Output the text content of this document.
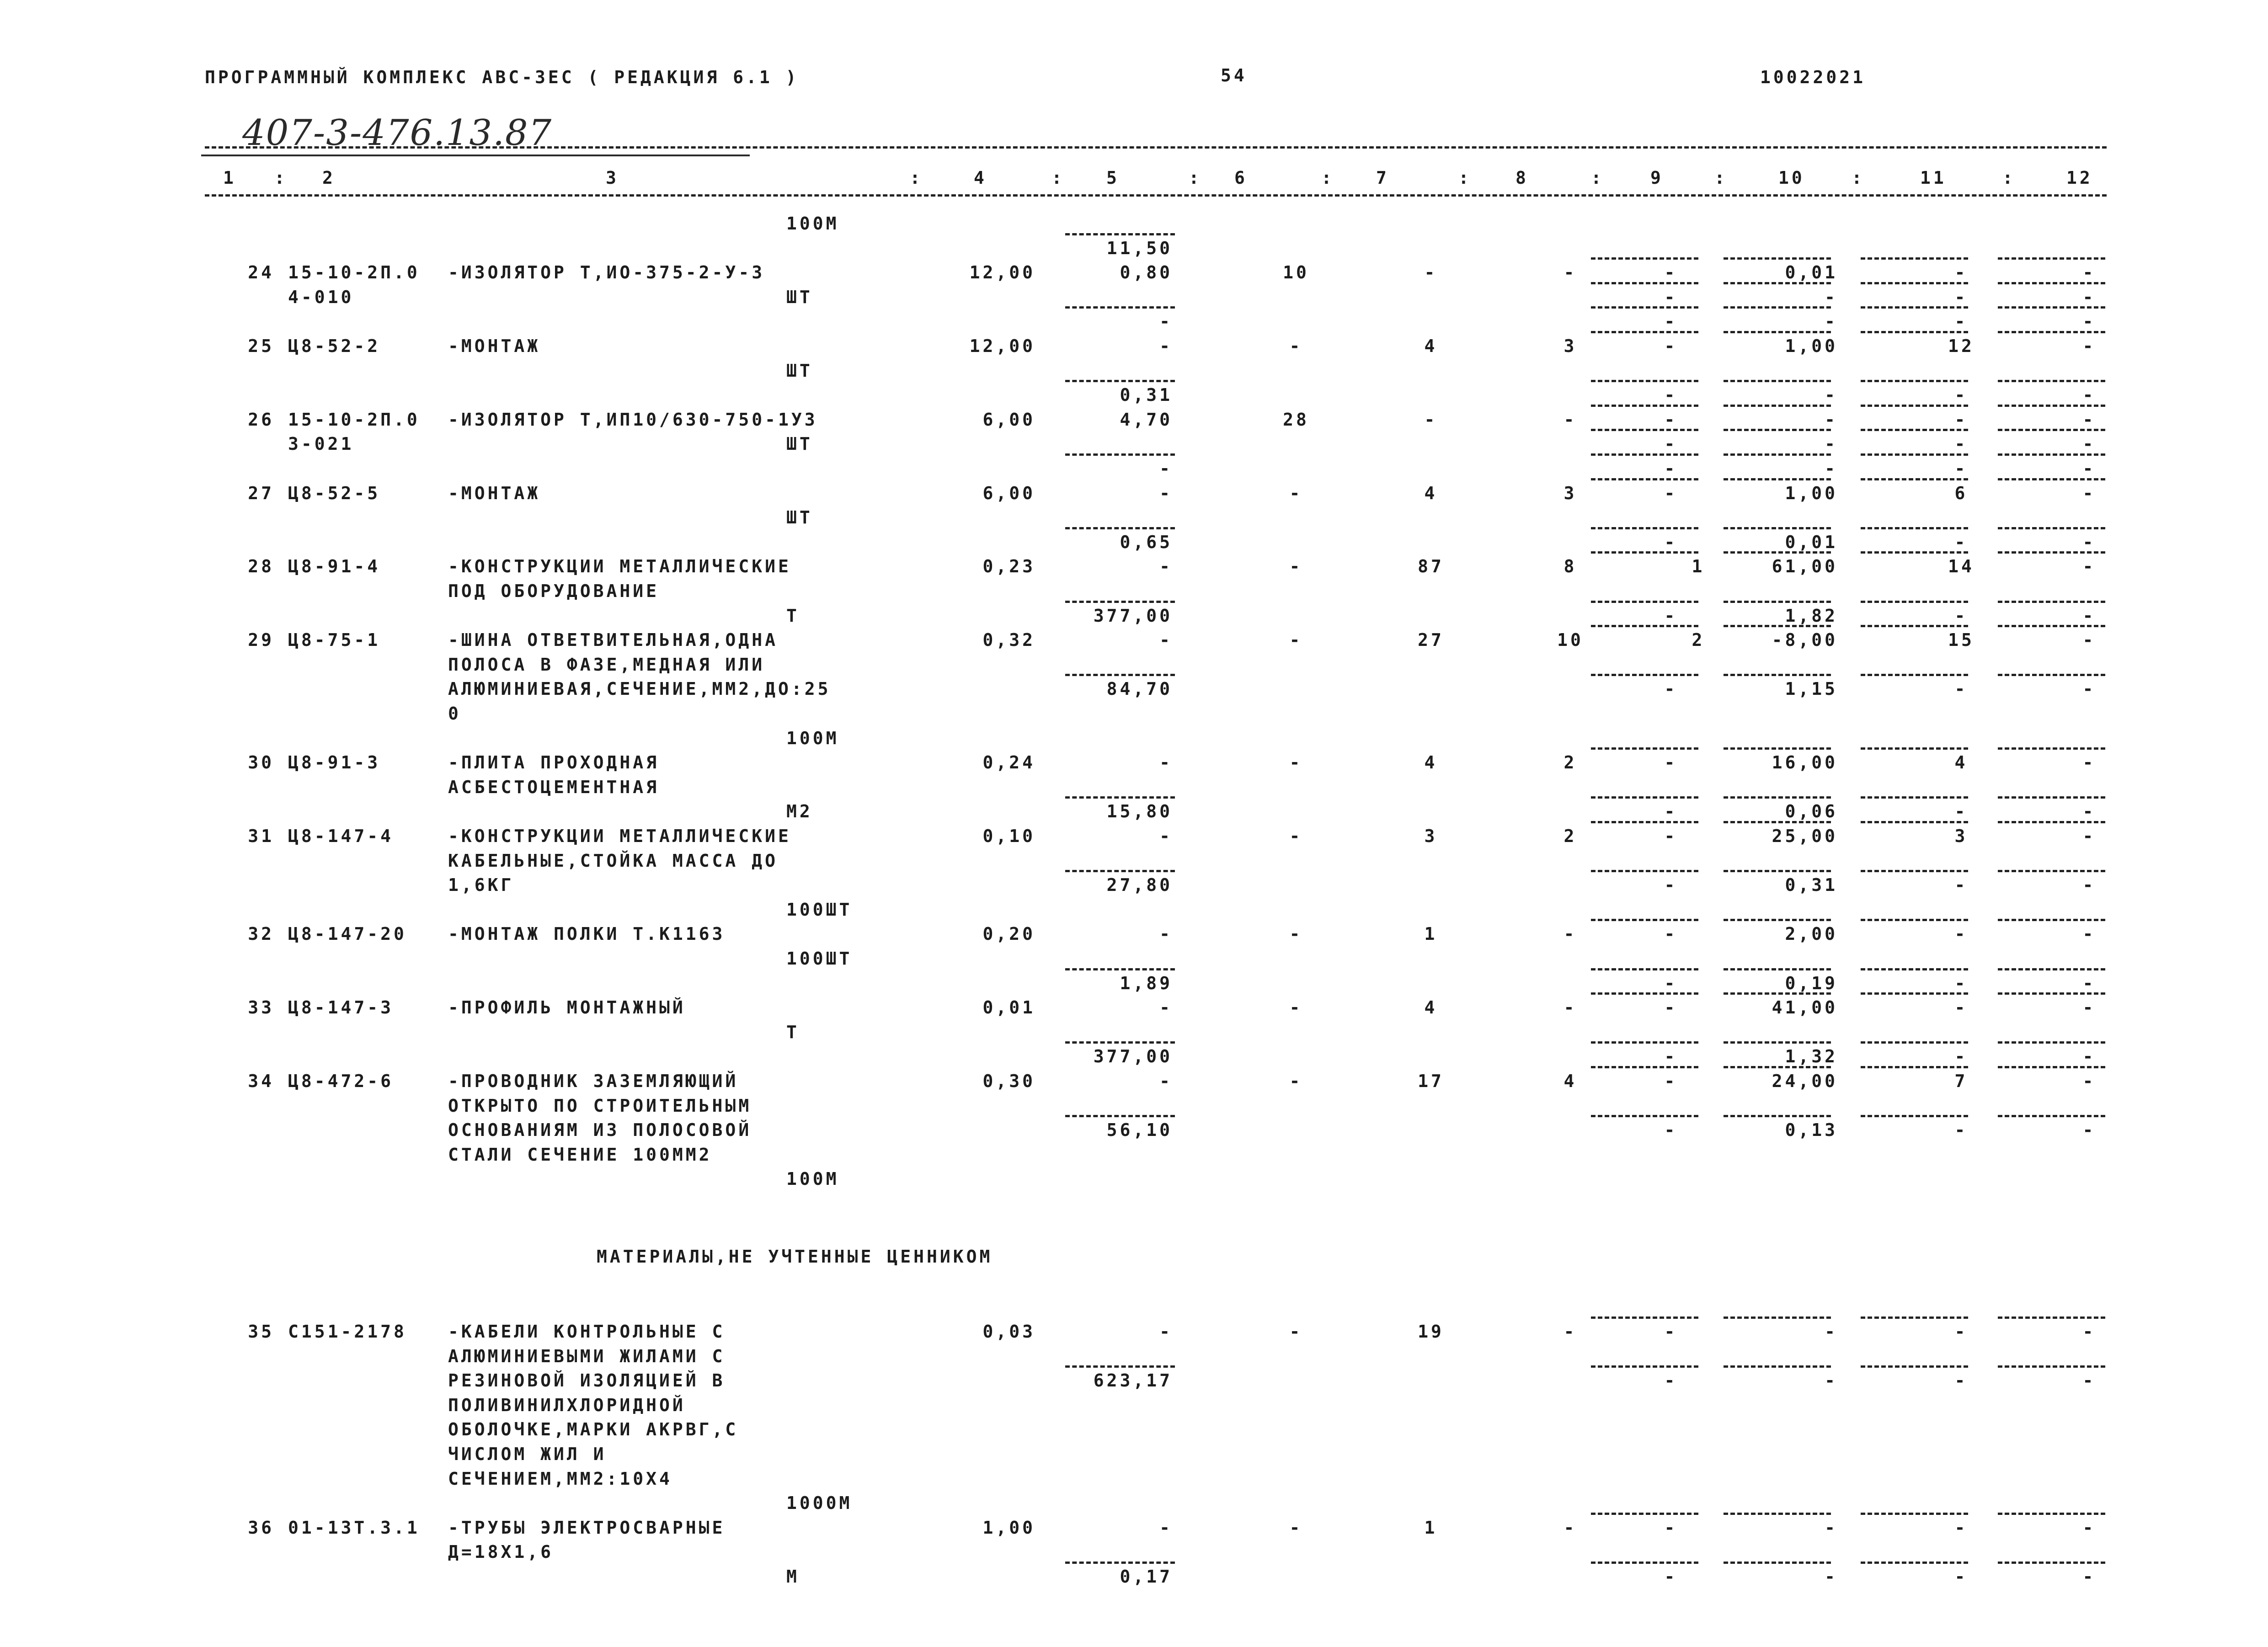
ПРОГРАММНЫЙ КОМПЛЕКС АВС-3ЕС ( РЕДАКЦИЯ 6.1 )	54	10022021
407-3-476.13.87
1	2	3	4	5	6	7	8	9	10	11	12
:	:	:	:	:	:	:	:	:	:
100М
11,50
24 15-10-2П.0 -ИЗОЛЯТОР Т,ИО-375-2-У-3	12,00	0,80	10	-	-	-	0,01	-	-
4-010	ШТ	-	-	-	-
-	-	-	-	-
25 Ц8-52-2	-МОНТАЖ	12,00	-	-	4	3	-	1,00	12	-
ШТ
0,31	-	-	-	-
26 15-10-2П.0 -ИЗОЛЯТОР Т,ИП10/630-750-1У3	6,00	4,70	28	-	-	-	-	-	-
3-021	ШТ	-	-	-	-
-	-	-	-	-
27 Ц8-52-5	-МОНТАЖ	6,00	-	-	4	3	-	1,00	6	-
ШТ
0,65	-	0,01	-	-
28 Ц8-91-4	-КОНСТРУКЦИИ МЕТАЛЛИЧЕСКИЕ	0,23	-	-	87	8	1	61,00	14	-
ПОД ОБОРУДОВАНИЕ
Т	377,00	-	1,82	-	-
29 Ц8-75-1	-ШИНА ОТВЕТВИТЕЛЬНАЯ,ОДНА	0,32	-	-	27	10	2	-8,00	15	-
ПОЛОСА В ФАЗЕ,МЕДНАЯ ИЛИ
АЛЮМИНИЕВАЯ,СЕЧЕНИЕ,ММ2,ДО:25	84,70	-	1,15	-	-
0
100М
30 Ц8-91-3	-ПЛИТА ПРОХОДНАЯ	0,24	-	-	4	2	-	16,00	4	-
АСБЕСТОЦЕМЕНТНАЯ
М2	15,80	-	0,06	-	-
31 Ц8-147-4	-КОНСТРУКЦИИ МЕТАЛЛИЧЕСКИЕ	0,10	-	-	3	2	-	25,00	3	-
КАБЕЛЬНЫЕ,СТОЙКА МАССА ДО
1,6КГ	27,80	-	0,31	-	-
100ШТ
32 Ц8-147-20 -МОНТАЖ ПОЛКИ Т.К1163	0,20	-	-	1	-	-	2,00	-	-
100ШТ
1,89	-	0,19	-	-
33 Ц8-147-3	-ПРОФИЛЬ МОНТАЖНЫЙ	0,01	-	-	4	-	-	41,00	-	-
Т
377,00	-	1,32	-	-
34 Ц8-472-6	-ПРОВОДНИК ЗАЗЕМЛЯЮЩИЙ	0,30	-	-	17	4	-	24,00	7	-
ОТКРЫТО ПО СТРОИТЕЛЬНЫМ
ОСНОВАНИЯМ ИЗ ПОЛОСОВОЙ	56,10	-	0,13	-	-
СТАЛИ СЕЧЕНИЕ 100ММ2
100М
35 С151-2178 -КАБЕЛИ КОНТРОЛЬНЫЕ С	0,03	-	-	19	-	-	-	-	-
АЛЮМИНИЕВЫМИ ЖИЛАМИ С
РЕЗИНОВОЙ ИЗОЛЯЦИЕЙ В	623,17	-	-	-	-
ПОЛИВИНИЛХЛОРИДНОЙ
ОБОЛОЧКЕ,МАРКИ АКРВГ,С
ЧИСЛОМ ЖИЛ И
СЕЧЕНИЕМ,ММ2:10Х4
1000М
36 01-13Т.3.1 -ТРУБЫ ЭЛЕКТРОСВАРНЫЕ	1,00	-	-	1	-	-	-	-	-
Д=18Х1,6
М	0,17	-	-	-	-
МАТЕРИАЛЫ,НЕ УЧТЕННЫЕ ЦЕННИКОМ
